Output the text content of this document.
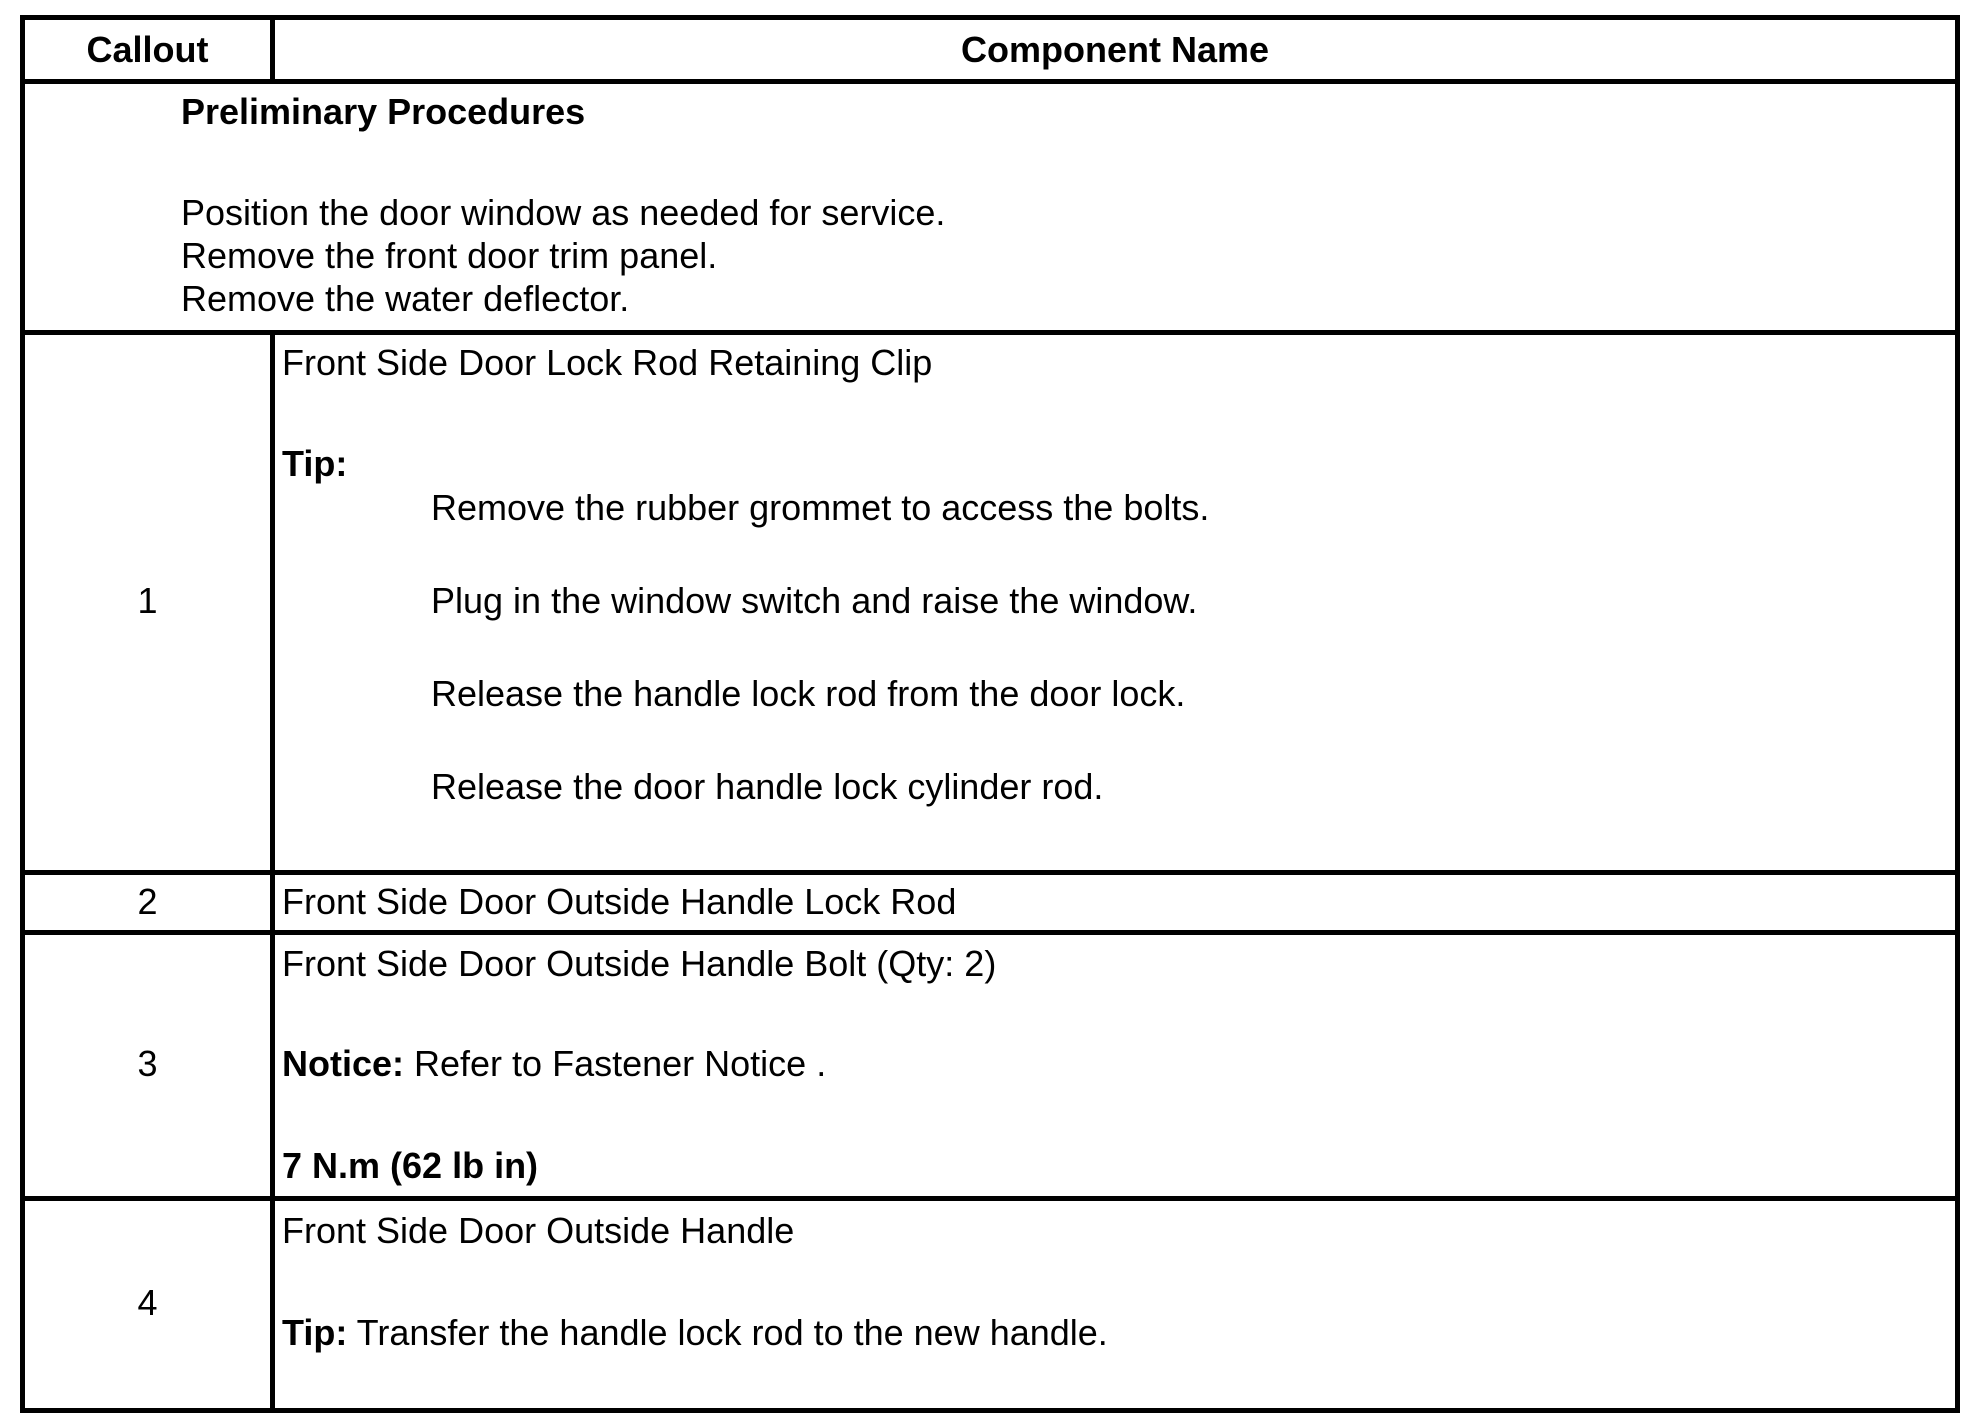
Callout	Component Name
Preliminary Procedures
Position the door window as needed for service.
Remove the front door trim panel.
Remove the water deflector.
1
Front Side Door Lock Rod Retaining Clip
Tip:
Remove the rubber grommet to access the bolts.
Plug in the window switch and raise the window.
Release the handle lock rod from the door lock.
Release the door handle lock cylinder rod.
2	Front Side Door Outside Handle Lock Rod
3
Front Side Door Outside Handle Bolt (Qty: 2)
Notice: Refer to Fastener Notice .
7 N.m (62 lb in)
4
Front Side Door Outside Handle
Tip: Transfer the handle lock rod to the new handle.
